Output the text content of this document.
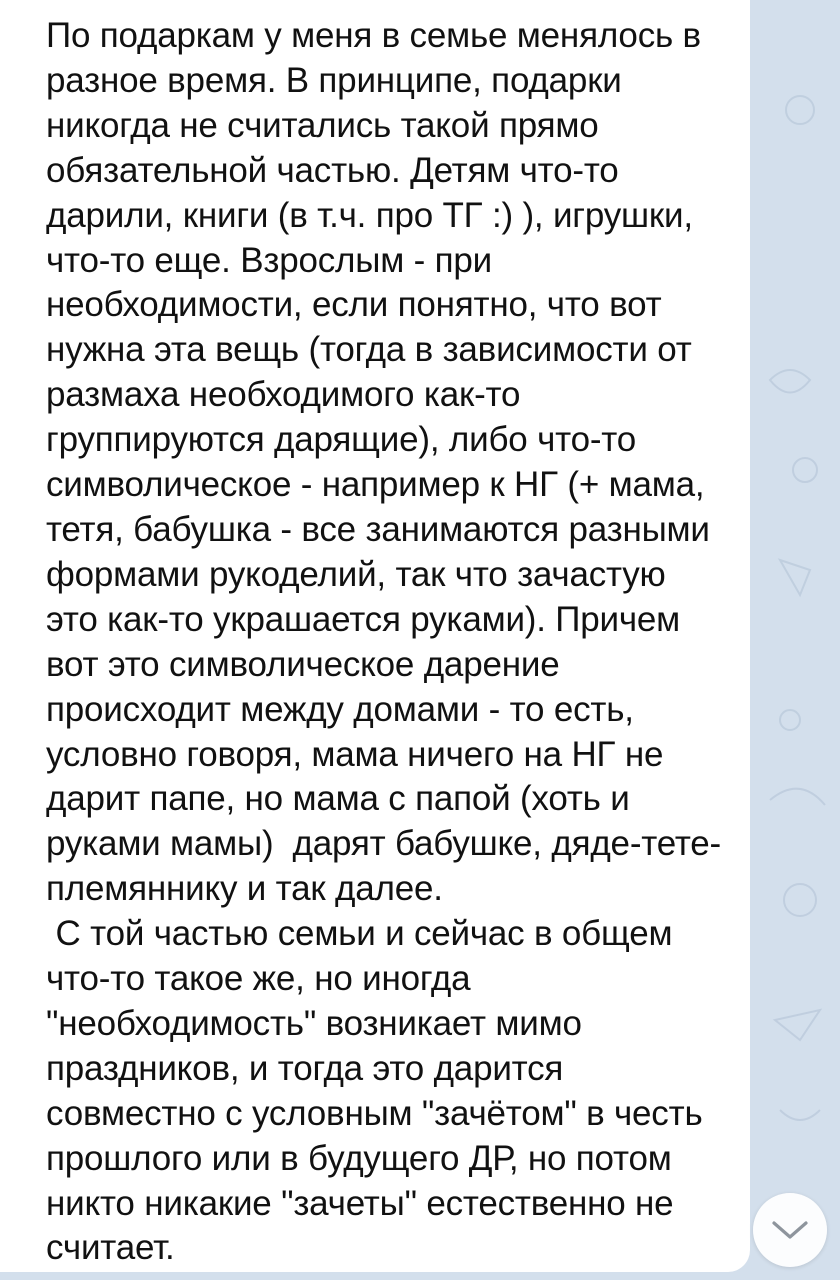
По подаркам у меня в семье менялось в
разное время. В принципе, подарки
никогда не считались такой прямо
обязательной частью. Детям что-то
дарили, книги (в т.ч. про ТГ :) ), игрушки,
что-то еще. Взрослым - при
необходимости, если понятно, что вот
нужна эта вещь (тогда в зависимости от
размаха необходимого как-то
группируются дарящие), либо что-то
символическое - например к НГ (+ мама,
тетя, бабушка - все занимаются разными
формами рукоделий, так что зачастую
это как-то украшается руками). Причем
вот это символическое дарение
происходит между домами - то есть,
условно говоря, мама ничего на НГ не
дарит папе, но мама с папой (хоть и
руками мамы)  дарят бабушке, дяде-тете-
племяннику и так далее.
С той частью семьи и сейчас в общем
что-то такое же, но иногда
"необходимость" возникает мимо
праздников, и тогда это дарится
совместно с условным "зачётом" в честь
прошлого или в будущего ДР, но потом
никто никакие "зачеты" естественно не
считает.
